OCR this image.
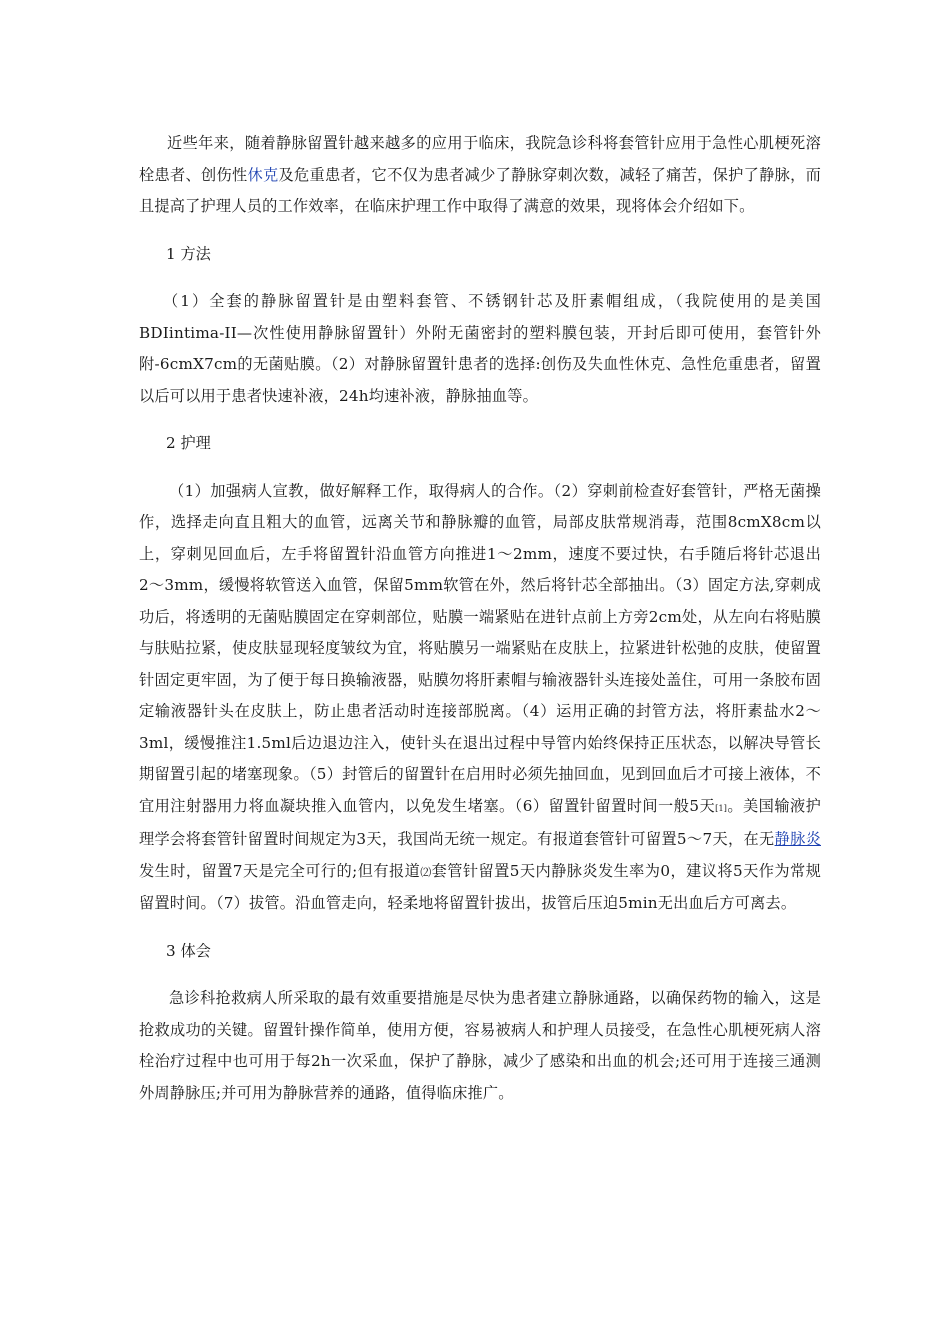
近些年来，随着静脉留置针越来越多的应用于临床，我院急诊科将套管针应用于急性心肌梗死溶栓患者、创伤性休克及危重患者，它不仅为患者减少了静脉穿刺次数，减轻了痛苦，保护了静脉，而且提高了护理人员的工作效率，在临床护理工作中取得了满意的效果，现将体会介绍如下。

1 方法

（1）全套的静脉留置针是由塑料套管、不锈钢针芯及肝素帽组成，（我院使用的是美国BDIintima-II—次性使用静脉留置针）外附无菌密封的塑料膜包装，开封后即可使用，套管针外附-6cmX7cm的无菌贴膜。（2）对静脉留置针患者的选择:创伤及失血性休克、急性危重患者，留置以后可以用于患者快速补液，24h均速补液，静脉抽血等。

2 护理

（1）加强病人宣教，做好解释工作，取得病人的合作。（2）穿刺前检查好套管针，严格无菌操作，选择走向直且粗大的血管，远离关节和静脉瓣的血管，局部皮肤常规消毒，范围8cmX8cm以上，穿刺见回血后，左手将留置针沿血管方向推进1〜2mm，速度不要过快，右手随后将针芯退出2〜3mm，缓慢将软管送入血管，保留5mm软管在外，然后将针芯全部抽出。（3）固定方法,穿刺成功后，将透明的无菌贴膜固定在穿刺部位，贴膜一端紧贴在进针点前上方旁2cm处，从左向右将贴膜与肤贴拉紧，使皮肤显现轻度皱纹为宜，将贴膜另一端紧贴在皮肤上，拉紧进针松弛的皮肤，使留置针固定更牢固，为了便于每日换输液器，贴膜勿将肝素帽与输液器针头连接处盖住，可用一条胶布固定输液器针头在皮肤上，防止患者活动时连接部脱离。（4）运用正确的封管方法，将肝素盐水2〜3ml，缓慢推注1.5ml后边退边注入，使针头在退出过程中导管内始终保持正压状态，以解决导管长期留置引起的堵塞现象。（5）封管后的留置针在启用时必须先抽回血，见到回血后才可接上液体，不宜用注射器用力将血凝块推入血管内，以免发生堵塞。（6）留置针留置时间一般5天[1]。美国输液护理学会将套管针留置时间规定为3天，我国尚无统一规定。有报道套管针可留置5〜7天，在无静脉炎发生时，留置7天是完全可行的;但有报道⑵套管针留置5天内静脉炎发生率为0，建议将5天作为常规留置时间。（7）拔管。沿血管走向，轻柔地将留置针拔出，拔管后压迫5min无出血后方可离去。

3 体会

急诊科抢救病人所采取的最有效重要措施是尽快为患者建立静脉通路，以确保药物的输入，这是抢救成功的关键。留置针操作简单，使用方便，容易被病人和护理人员接受，在急性心肌梗死病人溶栓治疗过程中也可用于每2h一次采血，保护了静脉，减少了感染和出血的机会;还可用于连接三通测外周静脉压;并可用为静脉营养的通路，值得临床推广。
